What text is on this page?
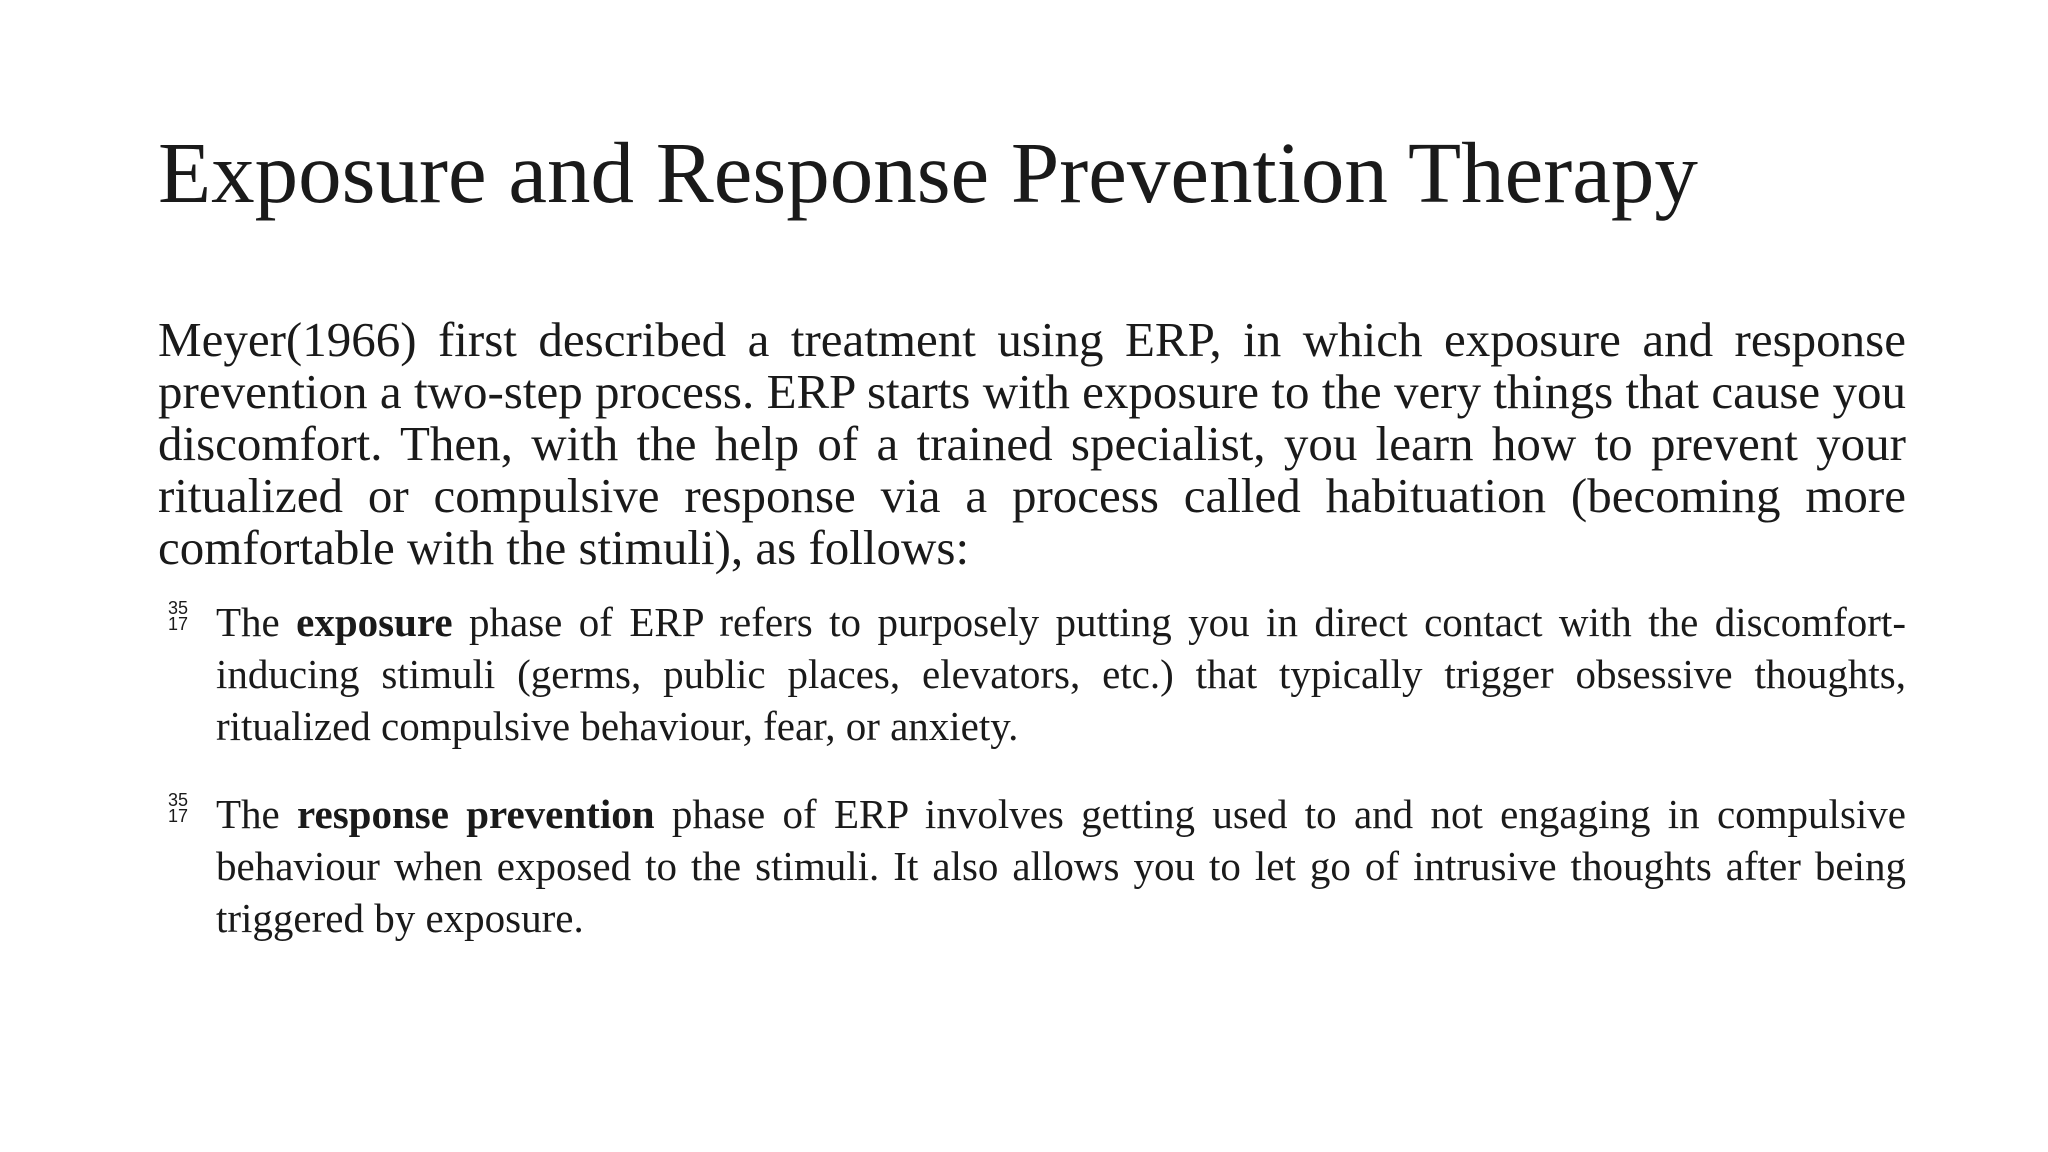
Exposure and Response Prevention Therapy

Meyer(1966) first described a treatment using ERP, in which exposure and response prevention a two-step process. ERP starts with exposure to the very things that cause you discomfort. Then, with the help of a trained specialist, you learn how to prevent your ritualized or compulsive response via a process called habituation (becoming more comfortable with the stimuli), as follows:

35
17 The exposure phase of ERP refers to purposely putting you in direct contact with the discomfort-inducing stimuli (germs, public places, elevators, etc.) that typically trigger obsessive thoughts, ritualized compulsive behaviour, fear, or anxiety.

35
17 The response prevention phase of ERP involves getting used to and not engaging in compulsive behaviour when exposed to the stimuli. It also allows you to let go of intrusive thoughts after being triggered by exposure.
